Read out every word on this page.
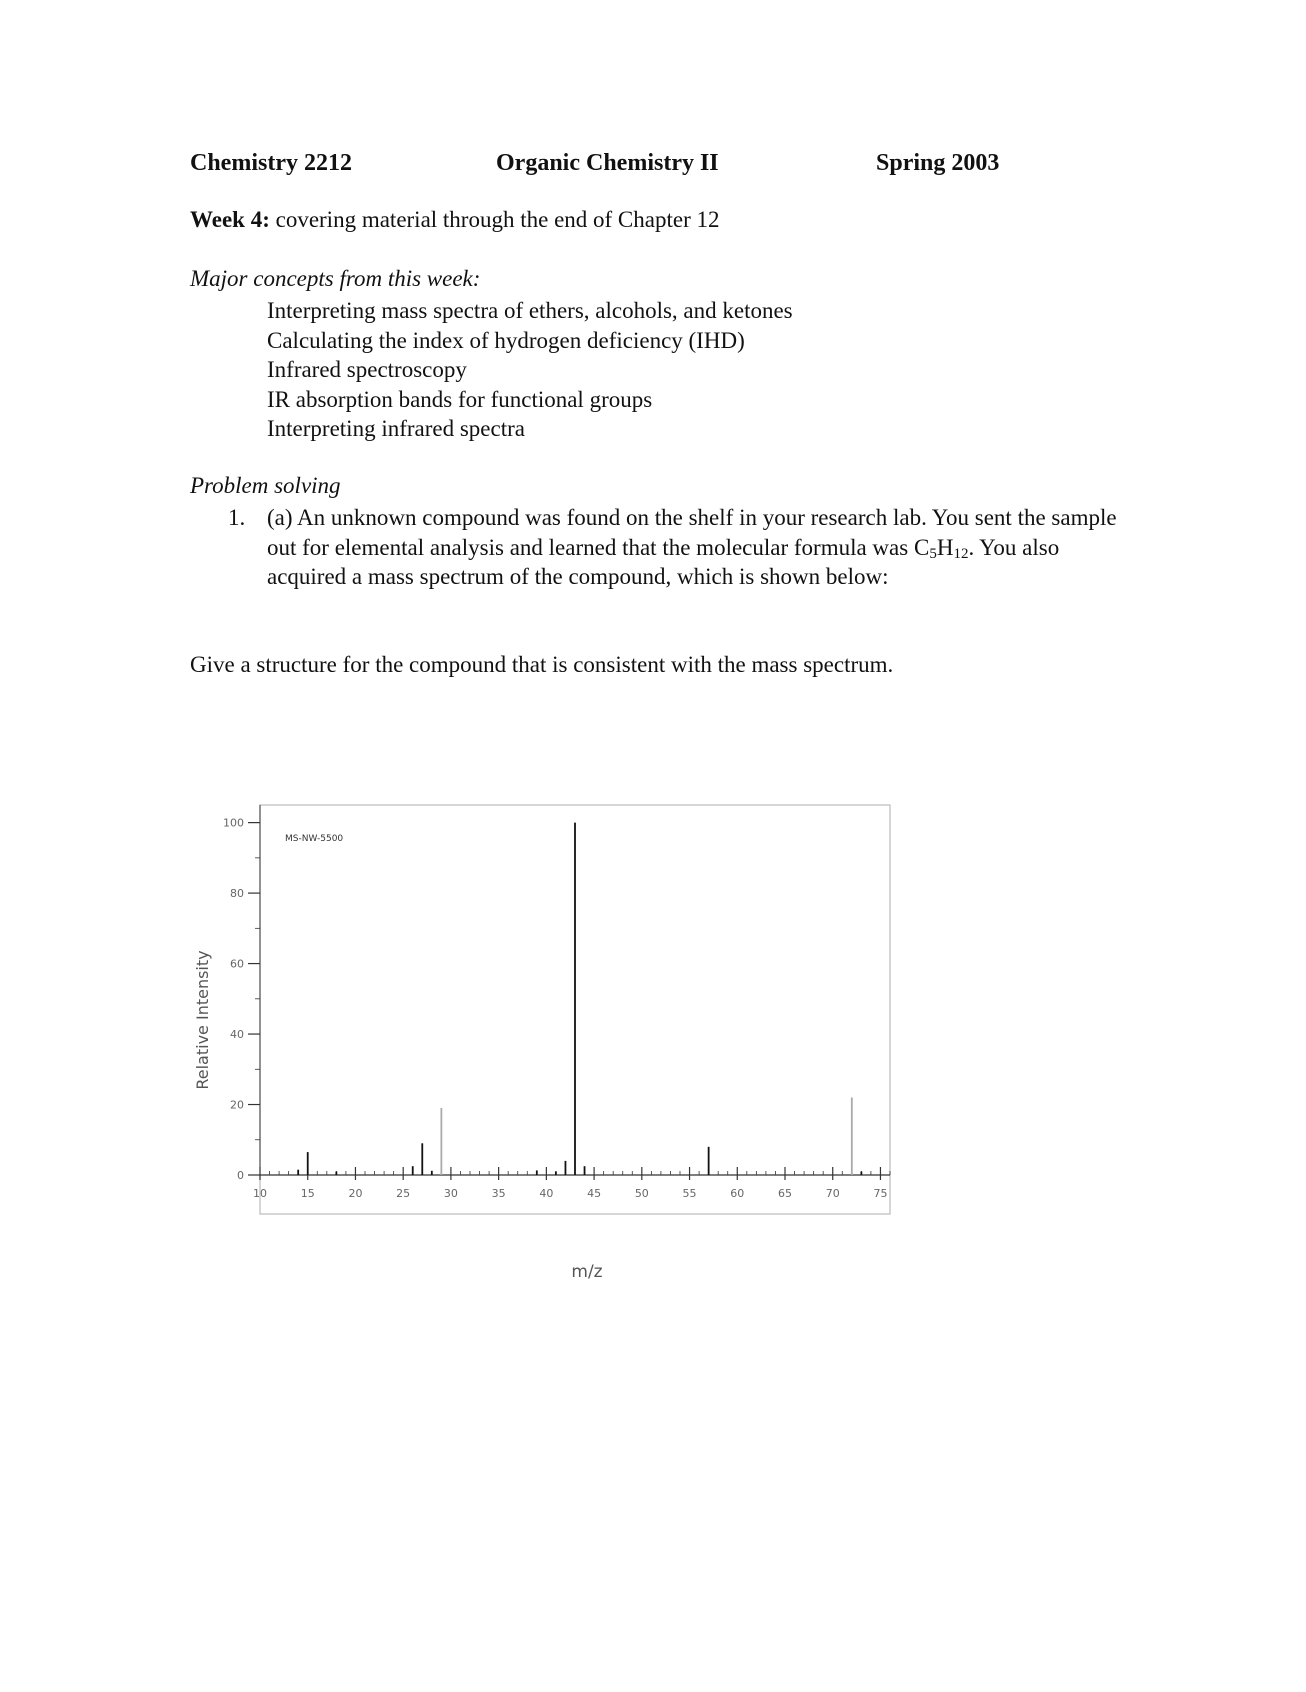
Chemistry 2212	Organic Chemistry II	Spring 2003
Week 4: covering material through the end of Chapter 12
Major concepts from this week:
Interpreting mass spectra of ethers, alcohols, and ketones
Calculating the index of hydrogen deficiency (IHD)
Infrared spectroscopy
IR absorption bands for functional groups
Interpreting infrared spectra
Problem solving
1. (a) An unknown compound was found on the shelf in your research lab. You sent the sample out for elemental analysis and learned that the molecular formula was $C_5H_{12}$. You also acquired a mass spectrum of the compound, which is shown below:
Give a structure for the compound that is consistent with the mass spectrum.
10	15	20	25	30	35	40	45	50	55	60	65	70	75
0
20
40
60
80
100
MS-NW-5500
Relative Intensity
m/z
